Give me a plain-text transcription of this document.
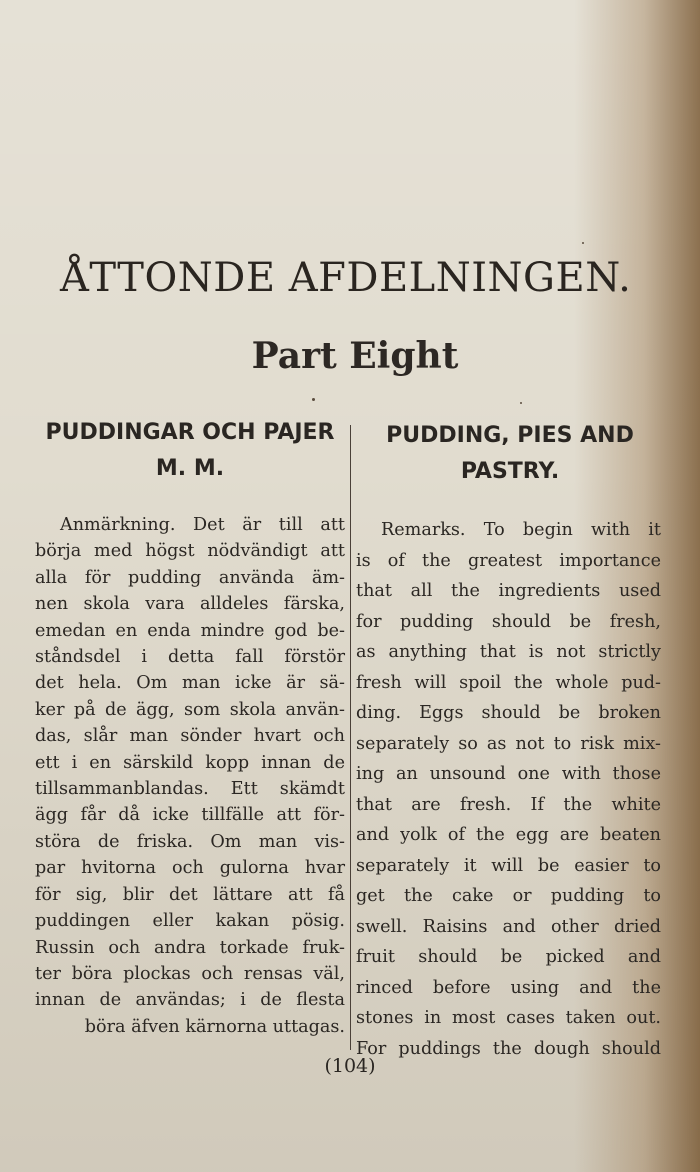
ÅTTONDE AFDELNINGEN.
Part Eight
PUDDINGAR OCH PAJER
M. M.
PUDDING, PIES AND
PASTRY.
Anmärkning. Det är till att
börja med högst nödvändigt att
alla för pudding använda äm-
nen skola vara alldeles färska,
emedan en enda mindre god be-
ståndsdel i detta fall förstör
det hela. Om man icke är sä-
ker på de ägg, som skola använ-
das, slår man sönder hvart och
ett i en särskild kopp innan de
tillsammanblandas. Ett skämdt
ägg får då icke tillfälle att för-
störa de friska. Om man vis-
par hvitorna och gulorna hvar
för sig, blir det lättare att få
puddingen eller kakan pösig.
Russin och andra torkade fruk-
ter böra plockas och rensas väl,
innan de användas; i de flesta
böra äfven kärnorna uttagas.
Remarks. To begin with it
is of the greatest importance
that all the ingredients used
for pudding should be fresh,
as anything that is not strictly
fresh will spoil the whole pud-
ding. Eggs should be broken
separately so as not to risk mix-
ing an unsound one with those
that are fresh. If the white
and yolk of the egg are beaten
separately it will be easier to
get the cake or pudding to
swell. Raisins and other dried
fruit should be picked and
rinced before using and the
stones in most cases taken out.
For puddings the dough should
(104)
